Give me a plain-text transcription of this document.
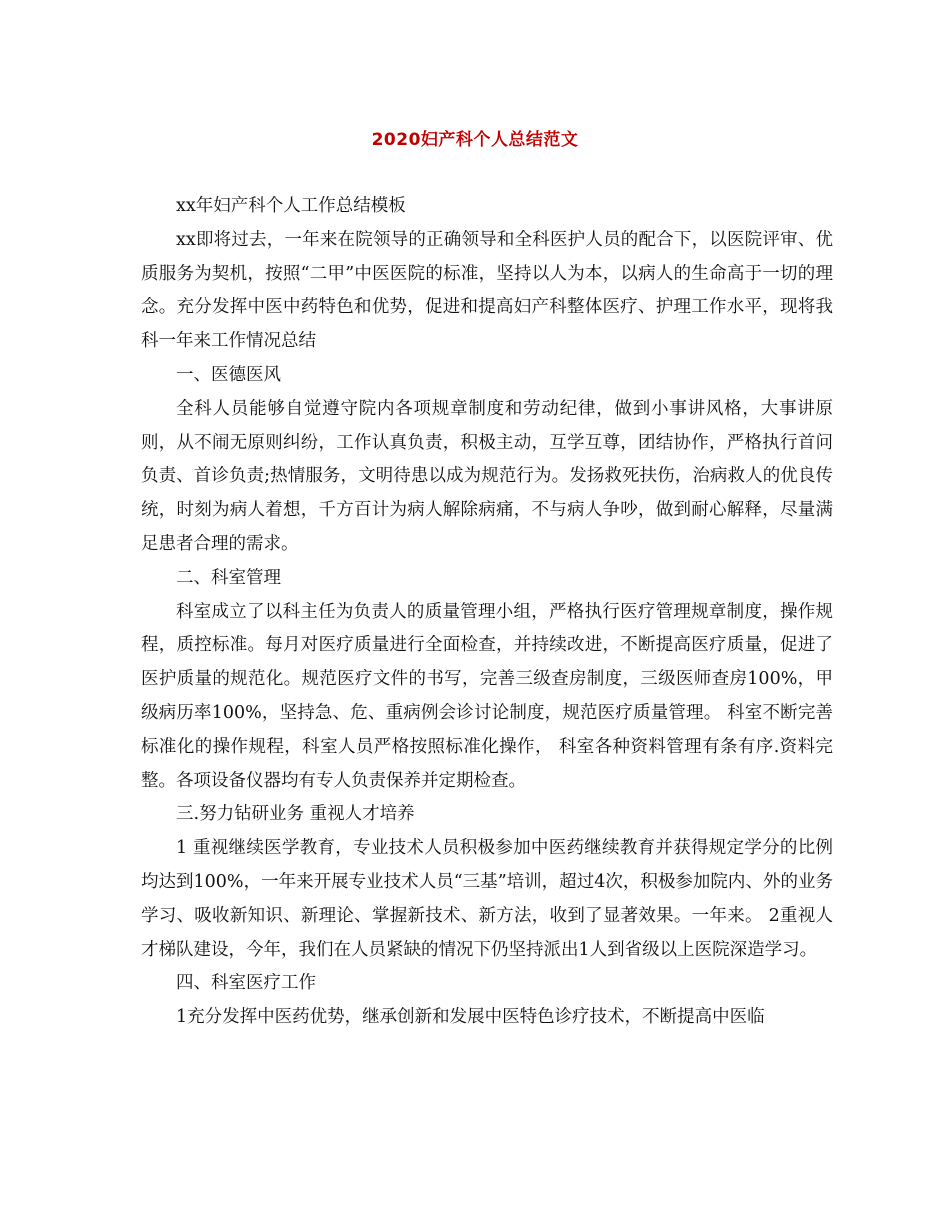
2020妇产科个人总结范文

xx年妇产科个人工作总结模板

xx即将过去，一年来在院领导的正确领导和全科医护人员的配合下，以医院评审、优质服务为契机，按照“二甲”中医医院的标准，坚持以人为本，以病人的生命高于一切的理念。充分发挥中医中药特色和优势，促进和提高妇产科整体医疗、护理工作水平，现将我科一年来工作情况总结

一、医德医风

全科人员能够自觉遵守院内各项规章制度和劳动纪律，做到小事讲风格，大事讲原则，从不闹无原则纠纷，工作认真负责，积极主动，互学互尊，团结协作，严格执行首问负责、首诊负责;热情服务，文明待患以成为规范行为。发扬救死扶伤，治病救人的优良传统，时刻为病人着想，千方百计为病人解除病痛，不与病人争吵，做到耐心解释，尽量满足患者合理的需求。

二、科室管理

科室成立了以科主任为负责人的质量管理小组，严格执行医疗管理规章制度，操作规程，质控标准。每月对医疗质量进行全面检查，并持续改进，不断提高医疗质量，促进了医护质量的规范化。规范医疗文件的书写，完善三级查房制度，三级医师查房100%，甲级病历率100%，坚持急、危、重病例会诊讨论制度，规范医疗质量管理。 科室不断完善标准化的操作规程，科室人员严格按照标准化操作， 科室各种资料管理有条有序.资料完整。各项设备仪器均有专人负责保养并定期检查。

三.努力钻研业务 重视人才培养

1 重视继续医学教育，专业技术人员积极参加中医药继续教育并获得规定学分的比例均达到100%，一年来开展专业技术人员“三基”培训，超过4次，积极参加院内、外的业务学习、吸收新知识、新理论、掌握新技术、新方法，收到了显著效果。一年来。 2重视人才梯队建设，今年，我们在人员紧缺的情况下仍坚持派出1人到省级以上医院深造学习。

四、科室医疗工作

1充分发挥中医药优势，继承创新和发展中医特色诊疗技术，不断提高中医临
